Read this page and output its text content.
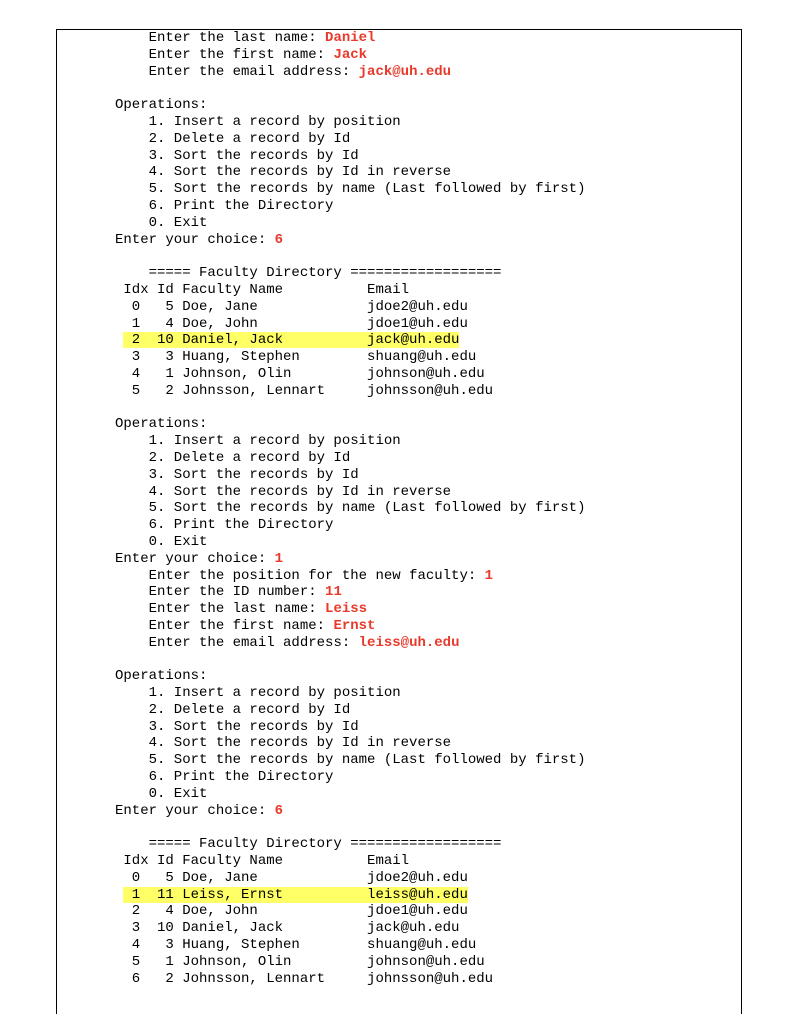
Enter the last name: Daniel
Enter the first name: Jack
Enter the email address: jack@uh.edu
Operations:
1. Insert a record by position
2. Delete a record by Id
3. Sort the records by Id
4. Sort the records by Id in reverse
5. Sort the records by name (Last followed by first)
6. Print the Directory
0. Exit
Enter your choice: 6
===== Faculty Directory ==================
Idx Id Faculty Name          Email
0   5 Doe, Jane             jdoe2@uh.edu
1   4 Doe, John             jdoe1@uh.edu
2  10 Daniel, Jack          jack@uh.edu
3   3 Huang, Stephen        shuang@uh.edu
4   1 Johnson, Olin         johnson@uh.edu
5   2 Johnsson, Lennart     johnsson@uh.edu
Operations:
1. Insert a record by position
2. Delete a record by Id
3. Sort the records by Id
4. Sort the records by Id in reverse
5. Sort the records by name (Last followed by first)
6. Print the Directory
0. Exit
Enter your choice: 1
Enter the position for the new faculty: 1
Enter the ID number: 11
Enter the last name: Leiss
Enter the first name: Ernst
Enter the email address: leiss@uh.edu
Operations:
1. Insert a record by position
2. Delete a record by Id
3. Sort the records by Id
4. Sort the records by Id in reverse
5. Sort the records by name (Last followed by first)
6. Print the Directory
0. Exit
Enter your choice: 6
===== Faculty Directory ==================
Idx Id Faculty Name          Email
0   5 Doe, Jane             jdoe2@uh.edu
1  11 Leiss, Ernst          leiss@uh.edu
2   4 Doe, John             jdoe1@uh.edu
3  10 Daniel, Jack          jack@uh.edu
4   3 Huang, Stephen        shuang@uh.edu
5   1 Johnson, Olin         johnson@uh.edu
6   2 Johnsson, Lennart     johnsson@uh.edu
